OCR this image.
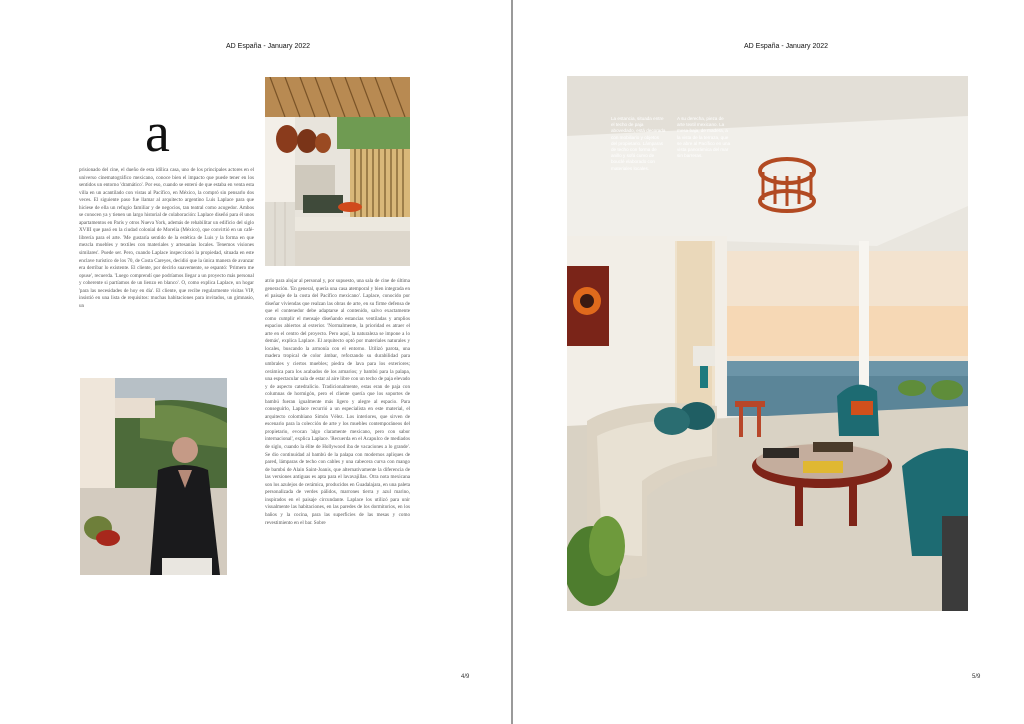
AD España - January 2022
a

prisionado del cine, el dueño de esta idílica casa, uno de los principales actores en el universo cinematográfico mexicano, conoce bien el impacto que puede tener en los sentidos un entorno 'dramático'. Por eso, cuando se enteró de que estaba en venta esta villa en un acantilado con vistas al Pacífico, en México, la compró sin pensarlo dos veces. El siguiente paso fue llamar al arquitecto argentino Luis Laplace para que hiciese de ella un refugio familiar y de negocios, tan teatral como acogedor. Ambos se conocen ya y tienen un largo historial de colaboración: Laplace diseñó para él unos apartamentos en París y otros Nueva York, además de rehabilitar un edificio del siglo XVIII que pasó en la ciudad colonial de Morelia (México), que convirtió en un café-librería para el arte. 'Me gustaría sentido de la estética de Luis y la forma en que mezcla muebles y textiles con materiales y artesanías locales. Tenemos visiones similares'. Puede ser. Pero, cuando Laplace inspeccionó la propiedad, situada en este enclave turístico de los 70, de Costa Careyes, decidió que la única manera de avanzar era derribar lo existente. El cliente, por decirlo suavemente, se espantó: 'Primero me opuse', recuerda. 'Luego comprendí que podríamos llegar a un proyecto más personal y coherente si partíamos de un lienzo en blanco'. O, como explica Laplace, un hogar 'para las necesidades de hoy en día'. El cliente, que recibe regularmente visitas VIP, insistió en una lista de requisitos: muchas habitaciones para invitados, un gimnasio, un

atrio para alojar al personal y, por supuesto, una sala de cine de última generación. 'En general, quería una casa atemporal y bien integrada en el paisaje de la costa del Pacífico mexicano'. Laplace, conocido por diseñar viviendas que realzan las obras de arte, en su firme defensa de que el contenedor debe adaptarse al contenido, salvo exactamente como cumplir el mensaje diseñando estancias ventiladas y amplios espacios abiertos al exterior. 'Normalmente, la prioridad es atraer el arte en el centro del proyecto. Pero aquí, la naturaleza se impone a lo demás', explica Laplace. El arquitecto optó por materiales naturales y locales, buscando la armonía con el entorno. Utilizó parota, una madera tropical de color ámbar, reforzando su durabilidad para umbrales y ciertos muebles; piedra de lava para los exteriores; cerámica para los acabados de los armarios; y bambú para la palapa, una espectacular sala de estar al aire libre con un techo de paja elevado y de aspecto catedralicio. Tradicionalmente, estas eran de paja con columnas de hormigón, pero el cliente quería que los soportes de bambú fueran igualmente más ligero y alegre al espacio. Para conseguirlo, Laplace recurrió a un especialista en este material, el arquitecto colombiano Simón Vélez. Los interiores, que sirven de escenario para la colección de arte y los muebles contemporáneos del propietario, evocan 'algo claramente mexicano, pero con sabor internacional', explica Laplace. 'Recuerda en el Acapulco de mediados de siglo, cuando la élite de Hollywood iba de vacaciones a lo grande'. Se dio continuidad al bambú de la palapa con modernos apliques de pared, lámparas de techo con cables y una cabecera curva con mango de bambú de Alain Saint-Joanis, que alternativamente la diferencia de las versiones antiguas es apta para el lavavajillas. Otra nota mexicana son los azulejos de cerámica, producidos en Guadalajara, en una paleta personalizada de verdes pálidos, marrones tierra y azul marino, inspirados en el paisaje circundante. Laplace los utilizó para unir visualmente las habitaciones, en las paredes de los dormitorios, en los baños y la cocina, para las superficies de las mesas y como revestimiento en el bar. Sobre

4/9
AD España - January 2022
La estancia, situada entre el techo de paja abovedado, está decorada con mobiliario y objetos del propietario. Lámparas de techo con forma de anillo y sofá curvo de bouclé elaborado con materiales locales.
A su derecha, pieza de arte textil mexicano. La mesa baja, de madera, a la vista de la terraza, que se abre al Pacífico en una vista panorámica del mar sin barreras.
5/9
